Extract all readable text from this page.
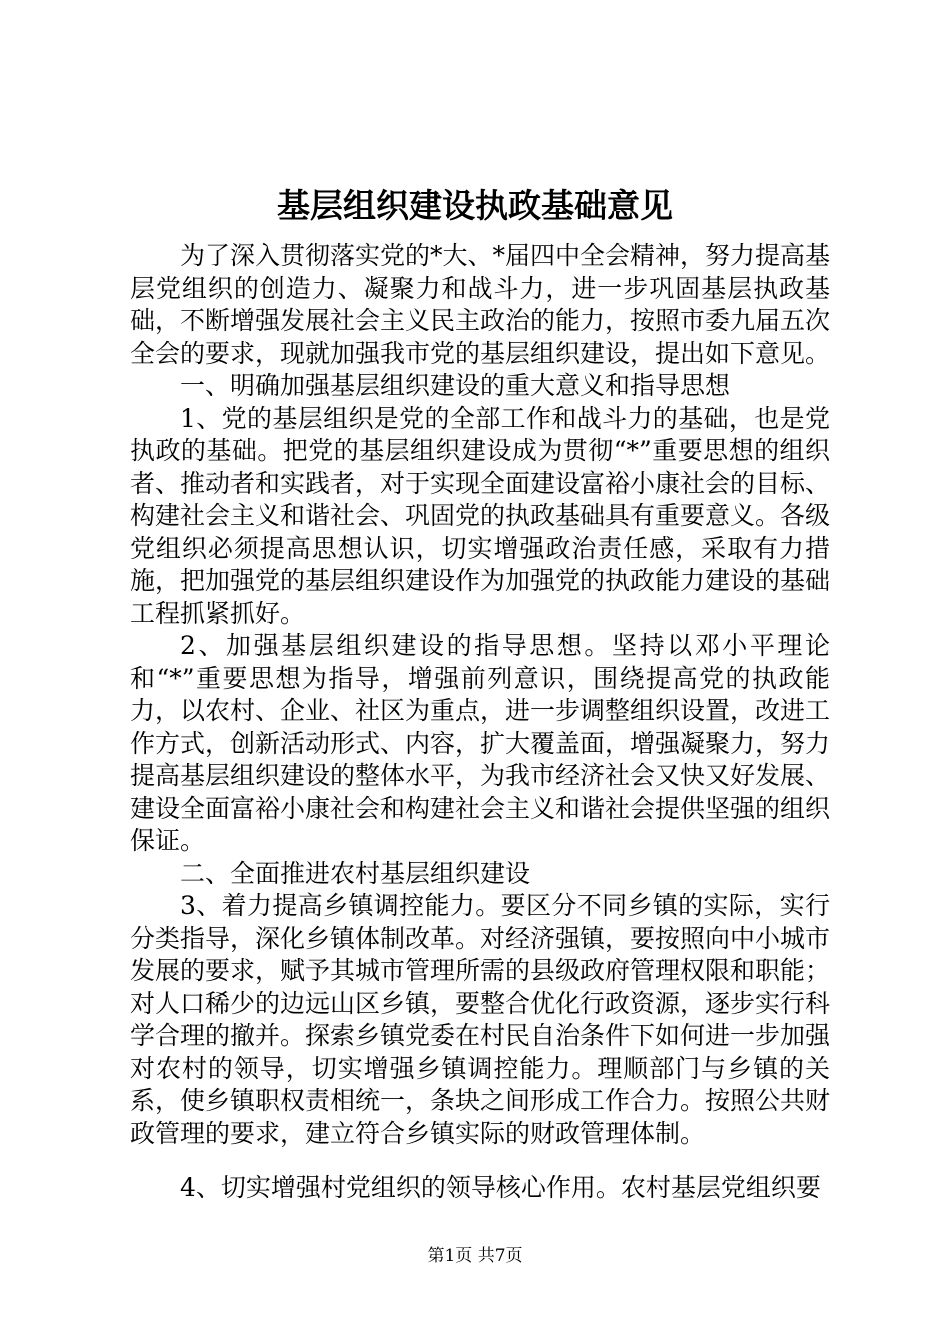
基层组织建设执政基础意见

为了深入贯彻落实党的*大、*届四中全会精神，努力提高基层党组织的创造力、凝聚力和战斗力，进一步巩固基层执政基础，不断增强发展社会主义民主政治的能力，按照市委九届五次全会的要求，现就加强我市党的基层组织建设，提出如下意见。

一、明确加强基层组织建设的重大意义和指导思想

1、党的基层组织是党的全部工作和战斗力的基础，也是党执政的基础。把党的基层组织建设成为贯彻“*”重要思想的组织者、推动者和实践者，对于实现全面建设富裕小康社会的目标、构建社会主义和谐社会、巩固党的执政基础具有重要意义。各级党组织必须提高思想认识，切实增强政治责任感，采取有力措施，把加强党的基层组织建设作为加强党的执政能力建设的基础工程抓紧抓好。

2、加强基层组织建设的指导思想。坚持以邓小平理论和“*”重要思想为指导，增强前列意识，围绕提高党的执政能力，以农村、企业、社区为重点，进一步调整组织设置，改进工作方式，创新活动形式、内容，扩大覆盖面，增强凝聚力，努力提高基层组织建设的整体水平，为我市经济社会又快又好发展、建设全面富裕小康社会和构建社会主义和谐社会提供坚强的组织保证。

二、全面推进农村基层组织建设

3、着力提高乡镇调控能力。要区分不同乡镇的实际，实行分类指导，深化乡镇体制改革。对经济强镇，要按照向中小城市发展的要求，赋予其城市管理所需的县级政府管理权限和职能；对人口稀少的边远山区乡镇，要整合优化行政资源，逐步实行科学合理的撤并。探索乡镇党委在村民自治条件下如何进一步加强对农村的领导，切实增强乡镇调控能力。理顺部门与乡镇的关系，使乡镇职权责相统一，条块之间形成工作合力。按照公共财政管理的要求，建立符合乡镇实际的财政管理体制。

4、切实增强村党组织的领导核心作用。农村基层党组织要

第1页 共7页
